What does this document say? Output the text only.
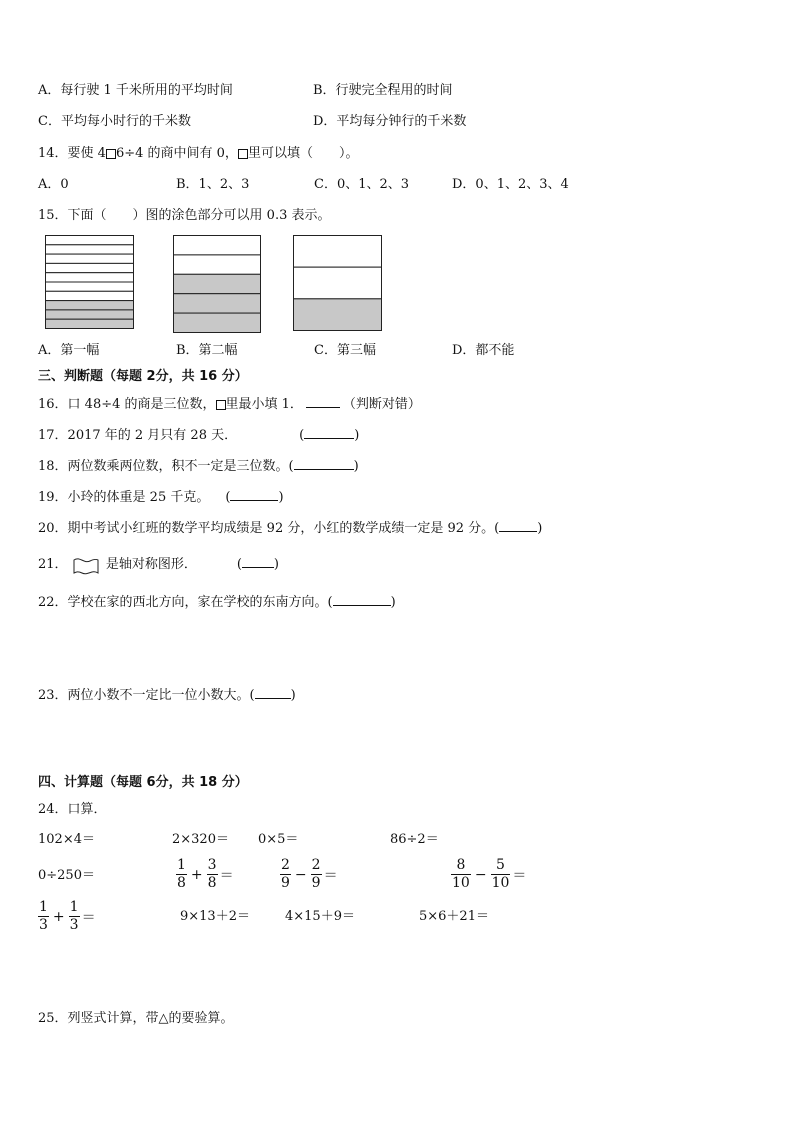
A．每行驶 1 千米所用的平均时间	B．行驶完全程用的时间
C．平均每小时行的千米数	D．平均每分钟行的千米数
14．要使 4 6÷4 的商中间有 0， 里可以填（　　）。
A．0	B．1、2、3	C．0、1、2、3	D．0、1、2、3、4
15．下面（　　）图的涂色部分可以用 0.3 表示。
A．第一幅	B．第二幅	C．第三幅	D．都不能
三、判断题（每题 2分，共 16 分）
16．口 48÷4 的商是三位数， 里最小填 1．	（判断对错）
17．2017 年的 2 月只有 28 天．	(	)
18．两位数乘两位数，积不一定是三位数。(	)
19．小玲的体重是 25 千克。 (	)
20．期中考试小红班的数学平均成绩是 92 分，小红的数学成绩一定是 92 分。(	)
21．	是轴对称图形．	( )
22．学校在家的西北方向，家在学校的东南方向。(	)
23．两位小数不一定比一位小数大。(	)
四、计算题（每题 6分，共 18 分）
24．口算．
102×4＝	2×320＝ 0×5＝	86÷2＝
0÷250＝	$\frac{1}{8} + \frac{3}{8}$ ＝	$\frac{2}{9} - \frac{2}{9}$ ＝	$\frac{8}{10} - \frac{5}{10}$ ＝
$\frac{1}{3} + \frac{1}{3}$ ＝	9×13＋2＝	4×15＋9＝	5×6＋21＝
25．列竖式计算，带△的要验算。
